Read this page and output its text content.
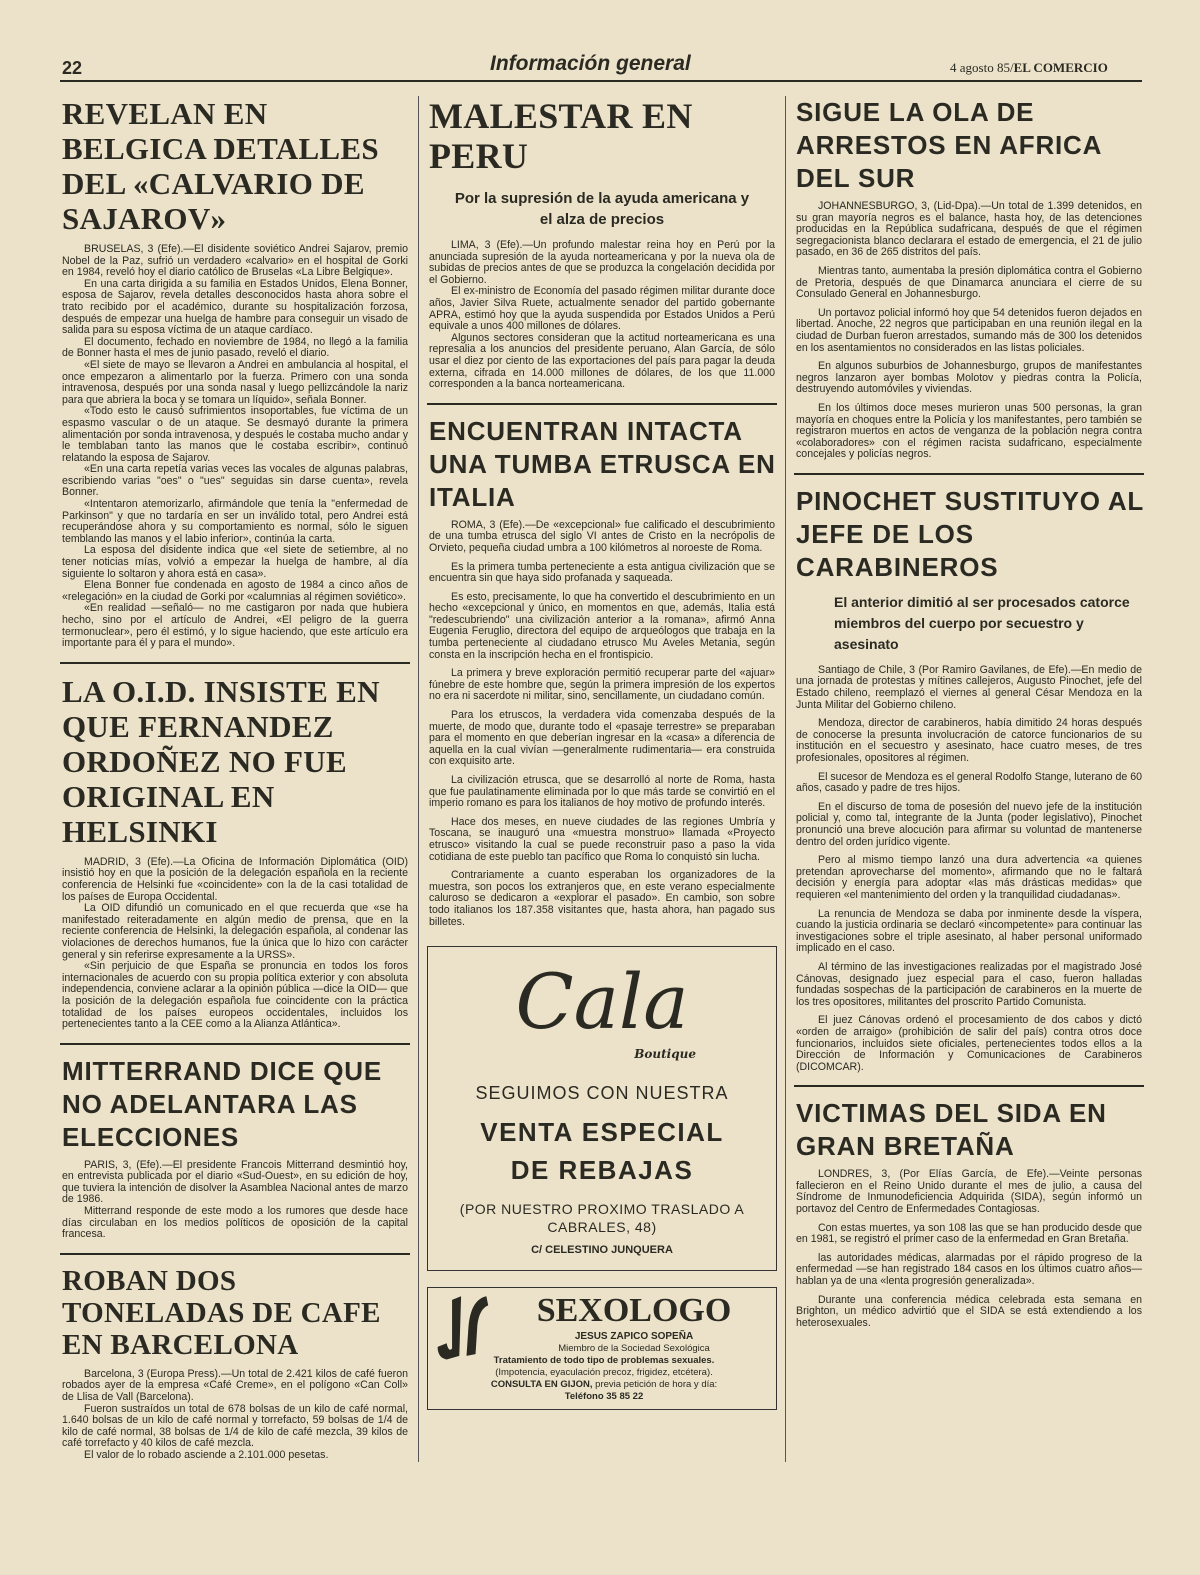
22	Información general	4 agosto 85/EL COMERCIO
REVELAN EN BELGICA DETALLES DEL «CALVARIO DE SAJAROV»

BRUSELAS, 3 (Efe).—El disidente soviético Andrei Sajarov, premio Nobel de la Paz, sufrió un verdadero «calvario» en el hospital de Gorki en 1984, reveló hoy el diario católico de Bruselas «La Libre Belgique».

En una carta dirigida a su familia en Estados Unidos, Elena Bonner, esposa de Sajarov, revela detalles desconocidos hasta ahora sobre el trato recibido por el académico, durante su hospitalización forzosa, después de empezar una huelga de hambre para conseguir un visado de salida para su esposa víctima de un ataque cardíaco.

El documento, fechado en noviembre de 1984, no llegó a la familia de Bonner hasta el mes de junio pasado, reveló el diario.

«El siete de mayo se llevaron a Andrei en ambulancia al hospital, el once empezaron a alimentarlo por la fuerza. Primero con una sonda intravenosa, después por una sonda nasal y luego pellizcándole la nariz para que abriera la boca y se tomara un líquido», señala Bonner.

«Todo esto le causó sufrimientos insoportables, fue víctima de un espasmo vascular o de un ataque. Se desmayó durante la primera alimentación por sonda intravenosa, y después le costaba mucho andar y le temblaban tanto las manos que le costaba escribir», continuó relatando la esposa de Sajarov.

«En una carta repetía varias veces las vocales de algunas palabras, escribiendo varias "oes" o "ues" seguidas sin darse cuenta», revela Bonner.

«Intentaron atemorizarlo, afirmándole que tenía la "enfermedad de Parkinson" y que no tardaría en ser un inválido total, pero Andrei está recuperándose ahora y su comportamiento es normal, sólo le siguen temblando las manos y el labio inferior», continúa la carta.

La esposa del disidente indica que «el siete de setiembre, al no tener noticias mías, volvió a empezar la huelga de hambre, al día siguiente lo soltaron y ahora está en casa».

Elena Bonner fue condenada en agosto de 1984 a cinco años de «relegación» en la ciudad de Gorki por «calumnias al régimen soviético».

«En realidad —señaló— no me castigaron por nada que hubiera hecho, sino por el artículo de Andrei, «El peligro de la guerra termonuclear», pero él estimó, y lo sigue haciendo, que este artículo era importante para él y para el mundo».

LA O.I.D. INSISTE EN QUE FERNANDEZ ORDOÑEZ NO FUE ORIGINAL EN HELSINKI

MADRID, 3 (Efe).—La Oficina de Información Diplomática (OID) insistió hoy en que la posición de la delegación española en la reciente conferencia de Helsinki fue «coincidente» con la de la casi totalidad de los países de Europa Occidental.

La OID difundió un comunicado en el que recuerda que «se ha manifestado reiteradamente en algún medio de prensa, que en la reciente conferencia de Helsinki, la delegación española, al condenar las violaciones de derechos humanos, fue la única que lo hizo con carácter general y sin referirse expresamente a la URSS».

«Sin perjuicio de que España se pronuncia en todos los foros internacionales de acuerdo con su propia política exterior y con absoluta independencia, conviene aclarar a la opinión pública —dice la OID— que la posición de la delegación española fue coincidente con la práctica totalidad de los países europeos occidentales, incluidos los pertenecientes tanto a la CEE como a la Alianza Atlántica».

MITTERRAND DICE QUE NO ADELANTARA LAS ELECCIONES

PARIS, 3, (Efe).—El presidente Francois Mitterrand desmintió hoy, en entrevista publicada por el diario «Sud-Ouest», en su edición de hoy, que tuviera la intención de disolver la Asamblea Nacional antes de marzo de 1986.

Mitterrand responde de este modo a los rumores que desde hace días circulaban en los medios políticos de oposición de la capital francesa.

ROBAN DOS TONELADAS DE CAFE EN BARCELONA

Barcelona, 3 (Europa Press).—Un total de 2.421 kilos de café fueron robados ayer de la empresa «Café Creme», en el polígono «Can Coll» de Llisa de Vall (Barcelona).

Fueron sustraídos un total de 678 bolsas de un kilo de café normal, 1.640 bolsas de un kilo de café normal y torrefacto, 59 bolsas de 1/4 de kilo de café normal, 38 bolsas de 1/4 de kilo de café mezcla, 39 kilos de café torrefacto y 40 kilos de café mezcla.

El valor de lo robado asciende a 2.101.000 pesetas.

MALESTAR EN PERU
Por la supresión de la ayuda americana y el alza de precios

LIMA, 3 (Efe).—Un profundo malestar reina hoy en Perú por la anunciada supresión de la ayuda norteamericana y por la nueva ola de subidas de precios antes de que se produzca la congelación decidida por el Gobierno.

El ex-ministro de Economía del pasado régimen militar durante doce años, Javier Silva Ruete, actualmente senador del partido gobernante APRA, estimó hoy que la ayuda suspendida por Estados Unidos a Perú equivale a unos 400 millones de dólares.

Algunos sectores consideran que la actitud norteamericana es una represalia a los anuncios del presidente peruano, Alan García, de sólo usar el diez por ciento de las exportaciones del país para pagar la deuda externa, cifrada en 14.000 millones de dólares, de los que 11.000 corresponden a la banca norteamericana.

ENCUENTRAN INTACTA UNA TUMBA ETRUSCA EN ITALIA

ROMA, 3 (Efe).—De «excepcional» fue calificado el descubrimiento de una tumba etrusca del siglo VI antes de Cristo en la necrópolis de Orvieto, pequeña ciudad umbra a 100 kilómetros al noroeste de Roma.

Es la primera tumba perteneciente a esta antigua civilización que se encuentra sin que haya sido profanada y saqueada.

Es esto, precisamente, lo que ha convertido el descubrimiento en un hecho «excepcional y único, en momentos en que, además, Italia está "redescubriendo" una civilización anterior a la romana», afirmó Anna Eugenia Feruglio, directora del equipo de arqueólogos que trabaja en la tumba perteneciente al ciudadano etrusco Mu Aveles Metania, según consta en la inscripción hecha en el frontispicio.

La primera y breve exploración permitió recuperar parte del «ajuar» fúnebre de este hombre que, según la primera impresión de los expertos no era ni sacerdote ni militar, sino, sencillamente, un ciudadano común.

Para los etruscos, la verdadera vida comenzaba después de la muerte, de modo que, durante todo el «pasaje terrestre» se preparaban para el momento en que deberían ingresar en la «casa» a diferencia de aquella en la cual vivían —generalmente rudimentaria— era construida con exquisito arte.

La civilización etrusca, que se desarrolló al norte de Roma, hasta que fue paulatinamente eliminada por lo que más tarde se convirtió en el imperio romano es para los italianos de hoy motivo de profundo interés.

Hace dos meses, en nueve ciudades de las regiones Umbría y Toscana, se inauguró una «muestra monstruo» llamada «Proyecto etrusco» visitando la cual se puede reconstruir paso a paso la vida cotidiana de este pueblo tan pacífico que Roma lo conquistó sin lucha.

Contrariamente a cuanto esperaban los organizadores de la muestra, son pocos los extranjeros que, en este verano especialmente caluroso se dedicaron a «explorar el pasado». En cambio, son sobre todo italianos los 187.358 visitantes que, hasta ahora, han pagado sus billetes.

Cala
Boutique
SEGUIMOS CON NUESTRA
VENTA ESPECIAL
DE REBAJAS
(POR NUESTRO PROXIMO TRASLADO A CABRALES, 48)
C/ CELESTINO JUNQUERA
SEXOLOGO
JESUS ZAPICO SOPEÑA
Miembro de la Sociedad Sexológica
Tratamiento de todo tipo de problemas sexuales.
(Impotencia, eyaculación precoz, frigidez, etcétera).
CONSULTA EN GIJON, previa petición de hora y día:
Teléfono 35 85 22
SIGUE LA OLA DE ARRESTOS EN AFRICA DEL SUR

JOHANNESBURGO, 3, (Lid-Dpa).—Un total de 1.399 detenidos, en su gran mayoría negros es el balance, hasta hoy, de las detenciones producidas en la República sudafricana, después de que el régimen segregacionista blanco declarara el estado de emergencia, el 21 de julio pasado, en 36 de 265 distritos del país.

Mientras tanto, aumentaba la presión diplomática contra el Gobierno de Pretoria, después de que Dinamarca anunciara el cierre de su Consulado General en Johannesburgo.

Un portavoz policial informó hoy que 54 detenidos fueron dejados en libertad. Anoche, 22 negros que participaban en una reunión ilegal en la ciudad de Durban fueron arrestados, sumando más de 300 los detenidos en los asentamientos no considerados en las listas policiales.

En algunos suburbios de Johannesburgo, grupos de manifestantes negros lanzaron ayer bombas Molotov y piedras contra la Policía, destruyendo automóviles y viviendas.

En los últimos doce meses murieron unas 500 personas, la gran mayoría en choques entre la Policía y los manifestantes, pero también se registraron muertos en actos de venganza de la población negra contra «colaboradores» con el régimen racista sudafricano, especialmente concejales y policías negros.

PINOCHET SUSTITUYO AL JEFE DE LOS CARABINEROS
El anterior dimitió al ser procesados catorce miembros del cuerpo por secuestro y asesinato

Santiago de Chile, 3 (Por Ramiro Gavilanes, de Efe).—En medio de una jornada de protestas y mítines callejeros, Augusto Pinochet, jefe del Estado chileno, reemplazó el viernes al general César Mendoza en la Junta Militar del Gobierno chileno.

Mendoza, director de carabineros, había dimitido 24 horas después de conocerse la presunta involucración de catorce funcionarios de su institución en el secuestro y asesinato, hace cuatro meses, de tres profesionales, opositores al régimen.

El sucesor de Mendoza es el general Rodolfo Stange, luterano de 60 años, casado y padre de tres hijos.

En el discurso de toma de posesión del nuevo jefe de la institución policial y, como tal, integrante de la Junta (poder legislativo), Pinochet pronunció una breve alocución para afirmar su voluntad de mantenerse dentro del orden jurídico vigente.

Pero al mismo tiempo lanzó una dura advertencia «a quienes pretendan aprovecharse del momento», afirmando que no le faltará decisión y energía para adoptar «las más drásticas medidas» que requieren «el mantenimiento del orden y la tranquilidad ciudadanas».

La renuncia de Mendoza se daba por inminente desde la víspera, cuando la justicia ordinaria se declaró «incompetente» para continuar las investigaciones sobre el triple asesinato, al haber personal uniformado implicado en el caso.

Al término de las investigaciones realizadas por el magistrado José Cánovas, designado juez especial para el caso, fueron halladas fundadas sospechas de la participación de carabineros en la muerte de los tres opositores, militantes del proscrito Partido Comunista.

El juez Cánovas ordenó el procesamiento de dos cabos y dictó «orden de arraigo» (prohibición de salir del país) contra otros doce funcionarios, incluidos siete oficiales, pertenecientes todos ellos a la Dirección de Información y Comunicaciones de Carabineros (DICOMCAR).

VICTIMAS DEL SIDA EN GRAN BRETAÑA

LONDRES, 3, (Por Elías García, de Efe).—Veinte personas fallecieron en el Reino Unido durante el mes de julio, a causa del Síndrome de Inmunodeficiencia Adquirida (SIDA), según informó un portavoz del Centro de Enfermedades Contagiosas.

Con estas muertes, ya son 108 las que se han producido desde que en 1981, se registró el primer caso de la enfermedad en Gran Bretaña.

las autoridades médicas, alarmadas por el rápido progreso de la enfermedad —se han registrado 184 casos en los últimos cuatro años— hablan ya de una «lenta progresión generalizada».

Durante una conferencia médica celebrada esta semana en Brighton, un médico advirtió que el SIDA se está extendiendo a los heterosexuales.
